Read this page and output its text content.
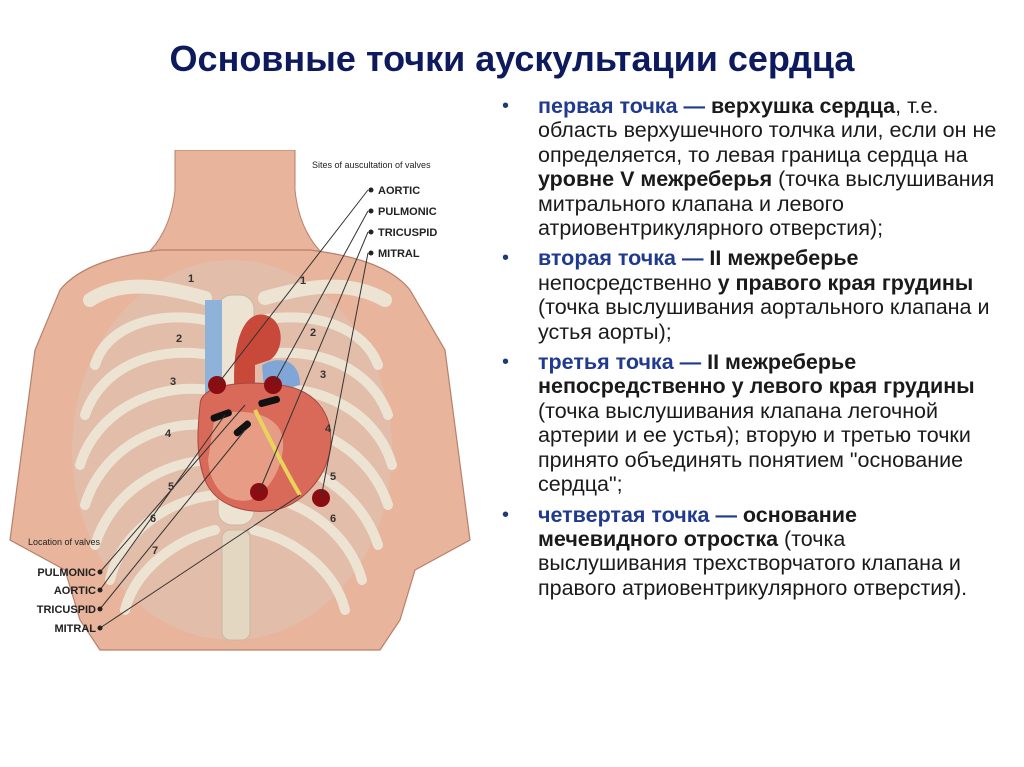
Основные точки аускультации сердца
Sites of auscultation of valves
AORTIC
PULMONIC
TRICUSPID
MITRAL
Location of valves
PULMONIC
AORTIC
TRICUSPID
MITRAL
1	1
2	2
3
3
4	4
5
5
6	6
7
• первая точка — верхушка сердца, т.е. область верхушечного толчка или, если он не определяется, то левая граница сердца на уровне V межреберья (точка выслушивания митрального клапана и левого атриовентрикулярного отверстия);
• вторая точка — II межреберье непосредственно у правого края грудины (точка выслушивания аортального клапана и устья аорты);
• третья точка — II межреберье непосредственно у левого края грудины (точка выслушивания клапана легочной артерии и ее устья); вторую и третью точки принято объединять понятием "основание сердца";
• четвертая точка — основание мечевидного отростка (точка выслушивания трехстворчатого клапана и правого атриовентрикулярного отверстия).
